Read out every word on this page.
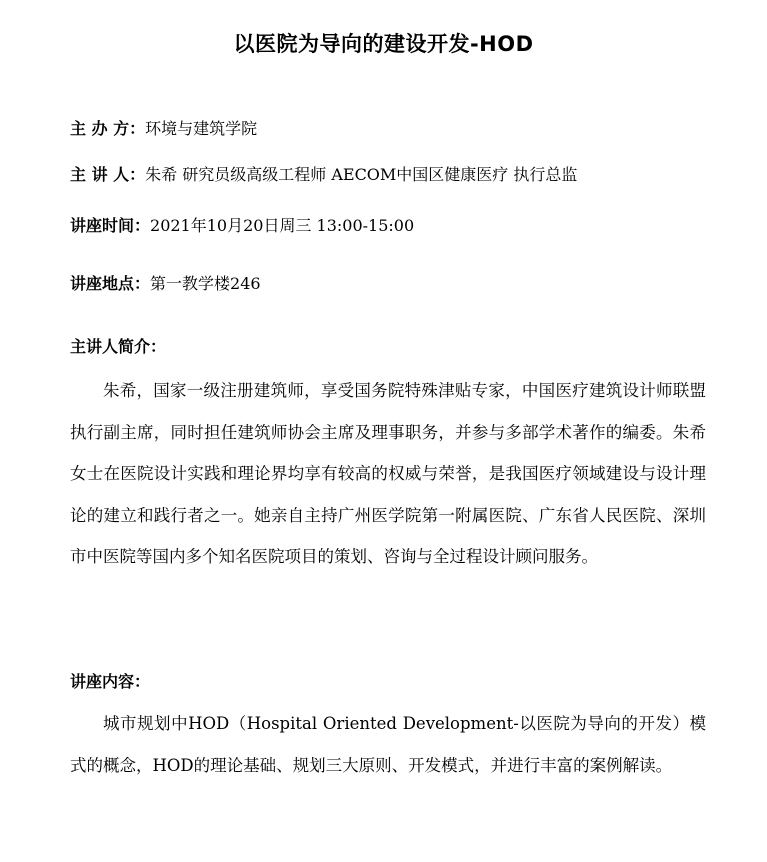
以医院为导向的建设开发-HOD
主 办 方：环境与建筑学院
主 讲 人：朱希 研究员级高级工程师 AECOM中国区健康医疗 执行总监
讲座时间：2021年10月20日周三 13:00-15:00
讲座地点：第一教学楼246
主讲人简介：

朱希，国家一级注册建筑师，享受国务院特殊津贴专家，中国医疗建筑设计师联盟执行副主席，同时担任建筑师协会主席及理事职务，并参与多部学术著作的编委。朱希女士在医院设计实践和理论界均享有较高的权威与荣誉，是我国医疗领域建设与设计理论的建立和践行者之一。她亲自主持广州医学院第一附属医院、广东省人民医院、深圳市中医院等国内多个知名医院项目的策划、咨询与全过程设计顾问服务。

讲座内容：

城市规划中HOD（Hospital Oriented Development-以医院为导向的开发）模式的概念，HOD的理论基础、规划三大原则、开发模式，并进行丰富的案例解读。
